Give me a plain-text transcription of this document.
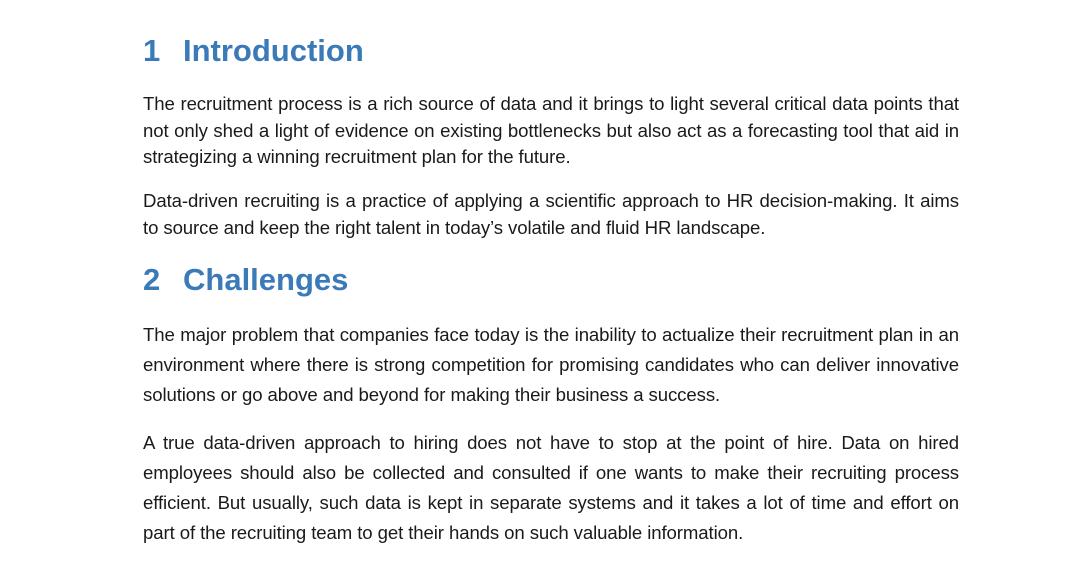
1 Introduction

The recruitment process is a rich source of data and it brings to light several critical data points that not only shed a light of evidence on existing bottlenecks but also act as a forecasting tool that aid in strategizing a winning recruitment plan for the future.

Data-driven recruiting is a practice of applying a scientific approach to HR decision-making. It aims to source and keep the right talent in today’s volatile and fluid HR landscape.

2 Challenges

The major problem that companies face today is the inability to actualize their recruitment plan in an environment where there is strong competition for promising candidates who can deliver innovative solutions or go above and beyond for making their business a success.

A true data-driven approach to hiring does not have to stop at the point of hire. Data on hired employees should also be collected and consulted if one wants to make their recruiting process efficient. But usually, such data is kept in separate systems and it takes a lot of time and effort on part of the recruiting team to get their hands on such valuable information.
